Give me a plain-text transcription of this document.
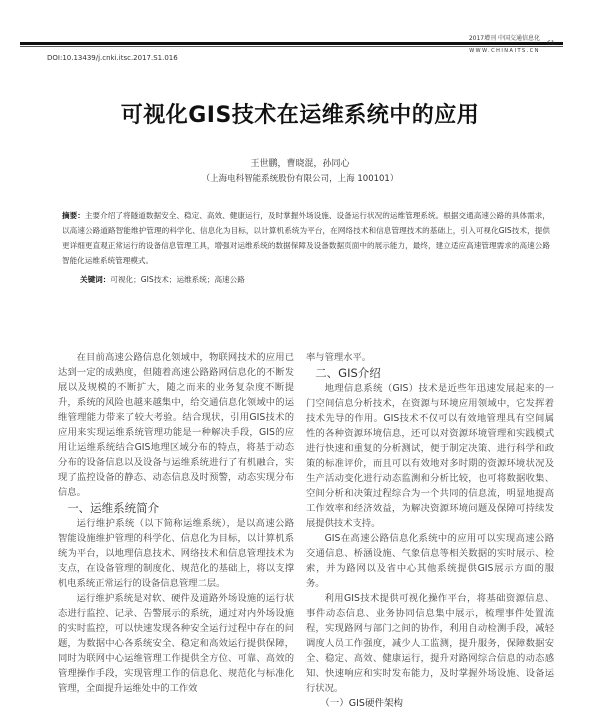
2017增刊 中国交通信息化
WWW.CHINAITS.CN
61
DOI:10.13439/j.cnki.itsc.2017.S1.016
可视化GIS技术在运维系统中的应用
王世鹏，曹晓混，孙同心
（上海电科智能系统股份有限公司，上海 100101）
摘要：主要介绍了将隧道数据安全、稳定、高效、健康运行，及时掌握外场设施、设备运行状况的运维管理系统。根据交通高速公路的具体需求，以高速公路道路智能维护管理的科学化、信息化为目标，以计算机系统为平台，在网络技术和信息管理技术的基础上，引入可视化GIS技术，提供更详细更直观正常运行的设备信息管理工具，增强对运维系统的数据保障及设备数据页面中的展示能力，最终，建立适应高速管理需求的高速公路智能化运维系统管理模式。
关键词：可视化；GIS技术；运维系统；高速公路

在目前高速公路信息化领域中，物联网技术的应用已达到一定的成熟度，但随着高速公路路网信息化的不断发展以及规模的不断扩大，随之而来的业务复杂度不断提升，系统的风险也越来越集中，给交通信息化领域中的运维管理能力带来了较大考验。结合现状，引用GIS技术的应用来实现运维系统管理功能是一种解决手段，GIS的应用让运维系统结合GIS地理区域分布的特点，将基于动态分布的设备信息以及设备与运维系统进行了有机融合，实现了监控设备的静态、动态信息及时预警，动态实现分布信息。

一、运维系统简介

运行维护系统（以下简称运维系统），是以高速公路智能设施维护管理的科学化、信息化为目标，以计算机系统为平台，以地理信息技术、网络技术和信息管理技术为支点，在设备管理的制度化、规范化的基础上，将以支撑机电系统正常运行的设备信息管理二层。

运行维护系统是对软、硬件及道路外场设施的运行状态进行监控、记录、告警展示的系统，通过对内外场设施的实时监控，可以快速发现各种安全运行过程中存在的问题，为数据中心各系统安全、稳定和高效运行提供保障，同时为联网中心运维管理工作提供全方位、可靠、高效的管理操作手段，实现管理工作的信息化、规范化与标准化管理，全面提升运维处中的工作效

率与管理水平。

二、GIS介绍

地理信息系统（GIS）技术是近些年迅速发展起来的一门空间信息分析技术，在资源与环境应用领域中，它发挥着技术先导的作用。GIS技术不仅可以有效地管理具有空间属性的各种资源环境信息，还可以对资源环境管理和实践模式进行快速和重复的分析测试，便于制定决策、进行科学和政策的标准评价，而且可以有效地对多时期的资源环境状况及生产活动变化进行动态监测和分析比较，也可将数据收集、空间分析和决策过程综合为一个共同的信息流，明显地提高工作效率和经济效益，为解决资源环境问题及保障可持续发展提供技术支持。

GIS在高速公路信息化系统中的应用可以实现高速公路交通信息、桥涵设施、气象信息等相关数据的实时展示、检索，并为路网以及省中心其他系统提供GIS展示方面的服务。

利用GIS技术提供可视化操作平台，将基础资源信息、事件动态信息、业务协同信息集中展示，梳理事件处置流程，实现路网与部门之间的协作，利用自动检测手段，减轻调度人员工作强度，减少人工监测，提升服务，保障数据安全、稳定、高效、健康运行，提升对路网综合信息的动态感知、快速响应和实时发布能力，及时掌握外场设施、设备运行状况。

（一）GIS硬件架构
